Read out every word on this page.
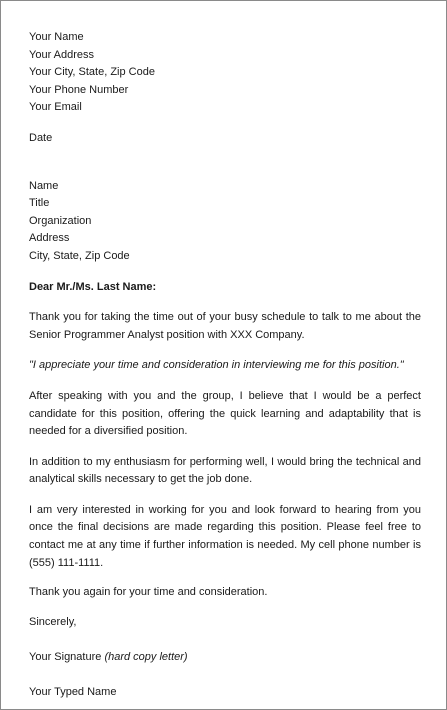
Your Name
Your Address
Your City, State, Zip Code
Your Phone Number
Your Email
Date
Name
Title
Organization
Address
City, State, Zip Code
Dear Mr./Ms. Last Name:

Thank you for taking the time out of your busy schedule to talk to me about the Senior Programmer Analyst position with XXX Company.

"I appreciate your time and consideration in interviewing me for this position."

After speaking with you and the group, I believe that I would be a perfect candidate for this position, offering the quick learning and adaptability that is needed for a diversified position.

In addition to my enthusiasm for performing well, I would bring the technical and analytical skills necessary to get the job done.

I am very interested in working for you and look forward to hearing from you once the final decisions are made regarding this position. Please feel free to contact me at any time if further information is needed. My cell phone number is (555) 111-1111.

Thank you again for your time and consideration.

Sincerely,
Your Signature (hard copy letter)
Your Typed Name
